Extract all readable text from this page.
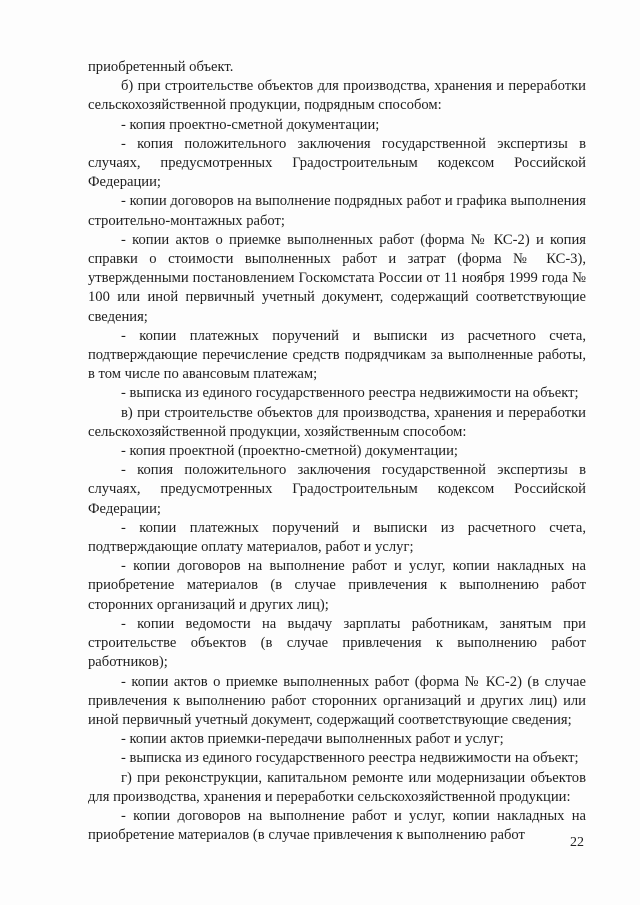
приобретенный объект.

б) при строительстве объектов для производства, хранения и переработки сельскохозяйственной продукции, подрядным способом:

- копия проектно-сметной документации;

- копия положительного заключения государственной экспертизы в случаях, предусмотренных Градостроительным кодексом Российской Федерации;

- копии договоров на выполнение подрядных работ и графика выполнения строительно-монтажных работ;

- копии актов о приемке выполненных работ (форма № КС-2) и копия справки о стоимости выполненных работ и затрат (форма № КС-3), утвержденными постановлением Госкомстата России от 11 ноября 1999 года № 100 или иной первичный учетный документ, содержащий соответствующие сведения;

- копии платежных поручений и выписки из расчетного счета, подтверждающие перечисление средств подрядчикам за выполненные работы, в том числе по авансовым платежам;

- выписка из единого государственного реестра недвижимости на объект;

в) при строительстве объектов для производства, хранения и переработки сельскохозяйственной продукции, хозяйственным способом:

- копия проектной (проектно-сметной) документации;

- копия положительного заключения государственной экспертизы в случаях, предусмотренных Градостроительным кодексом Российской Федерации;

- копии платежных поручений и выписки из расчетного счета, подтверждающие оплату материалов, работ и услуг;

- копии договоров на выполнение работ и услуг, копии накладных на приобретение материалов (в случае привлечения к выполнению работ сторонних организаций и других лиц);

- копии ведомости на выдачу зарплаты работникам, занятым при строительстве объектов (в случае привлечения к выполнению работ работников);

- копии актов о приемке выполненных работ (форма № КС-2) (в случае привлечения к выполнению работ сторонних организаций и других лиц) или иной первичный учетный документ, содержащий соответствующие сведения;

- копии актов приемки-передачи выполненных работ и услуг;

- выписка из единого государственного реестра недвижимости на объект;

г) при реконструкции, капитальном ремонте или модернизации объектов для производства, хранения и переработки сельскохозяйственной продукции:

- копии договоров на выполнение работ и услуг, копии накладных на приобретение материалов (в случае привлечения к выполнению работ	22
